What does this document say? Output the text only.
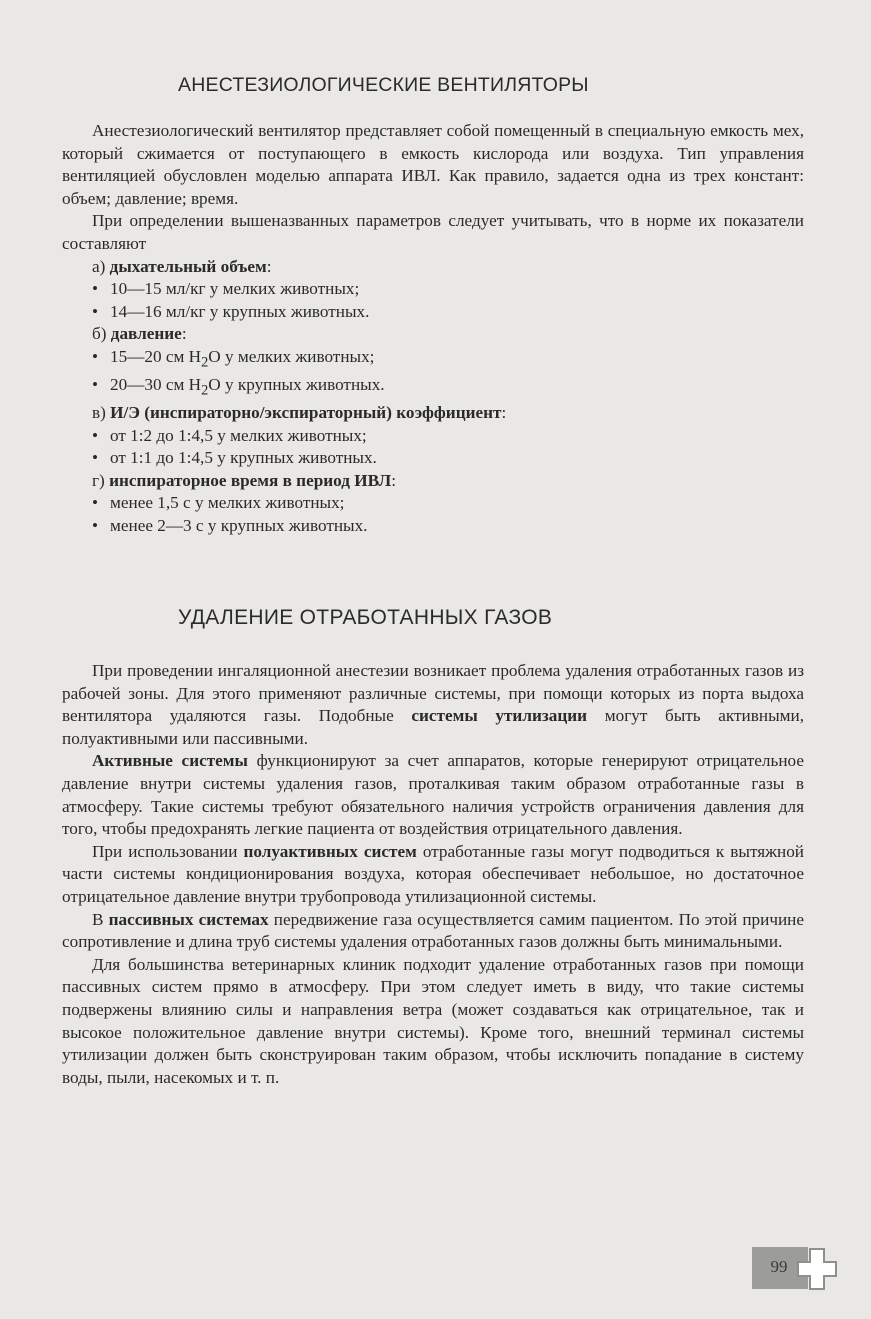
АНЕСТЕЗИОЛОГИЧЕСКИЕ ВЕНТИЛЯТОРЫ

Анестезиологический вентилятор представляет собой помещенный в специальную емкость мех, который сжимается от поступающего в емкость кислорода или воздуха. Тип управления вентиляцией обусловлен моделью аппарата ИВЛ. Как правило, задается одна из трех констант: объем; давление; время.

При определении вышеназванных параметров следует учитывать, что в норме их показатели составляют

а) дыхательный объем:
• 10—15 мл/кг у мелких животных;
• 14—16 мл/кг у крупных животных.
б) давление:
• 15—20 см $H_2O$ у мелких животных;
• 20—30 см $H_2O$ у крупных животных.
в) И/Э (инспираторно/экспираторный) коэффициент:
• от 1:2 до 1:4,5 у мелких животных;
• от 1:1 до 1:4,5 у крупных животных.
г) инспираторное время в период ИВЛ:
• менее 1,5 с у мелких животных;
• менее 2—3 с у крупных животных.
УДАЛЕНИЕ ОТРАБОТАННЫХ ГАЗОВ

При проведении ингаляционной анестезии возникает проблема удаления отработанных газов из рабочей зоны. Для этого применяют различные системы, при помощи которых из порта выдоха вентилятора удаляются газы. Подобные системы утилизации могут быть активными, полуактивными или пассивными.

Активные системы функционируют за счет аппаратов, которые генерируют отрицательное давление внутри системы удаления газов, проталкивая таким образом отработанные газы в атмосферу. Такие системы требуют обязательного наличия устройств ограничения давления для того, чтобы предохранять легкие пациента от воздействия отрицательного давления.

При использовании полуактивных систем отработанные газы могут подводиться к вытяжной части системы кондиционирования воздуха, которая обеспечивает небольшое, но достаточное отрицательное давление внутри трубопровода утилизационной системы.

В пассивных системах передвижение газа осуществляется самим пациентом. По этой причине сопротивление и длина труб системы удаления отработанных газов должны быть минимальными.

Для большинства ветеринарных клиник подходит удаление отработанных газов при помощи пассивных систем прямо в атмосферу. При этом следует иметь в виду, что такие системы подвержены влиянию силы и направления ветра (может создаваться как отрицательное, так и высокое положительное давление внутри системы). Кроме того, внешний терминал системы утилизации должен быть сконструирован таким образом, чтобы исключить попадание в систему воды, пыли, насекомых и т. п.

99
